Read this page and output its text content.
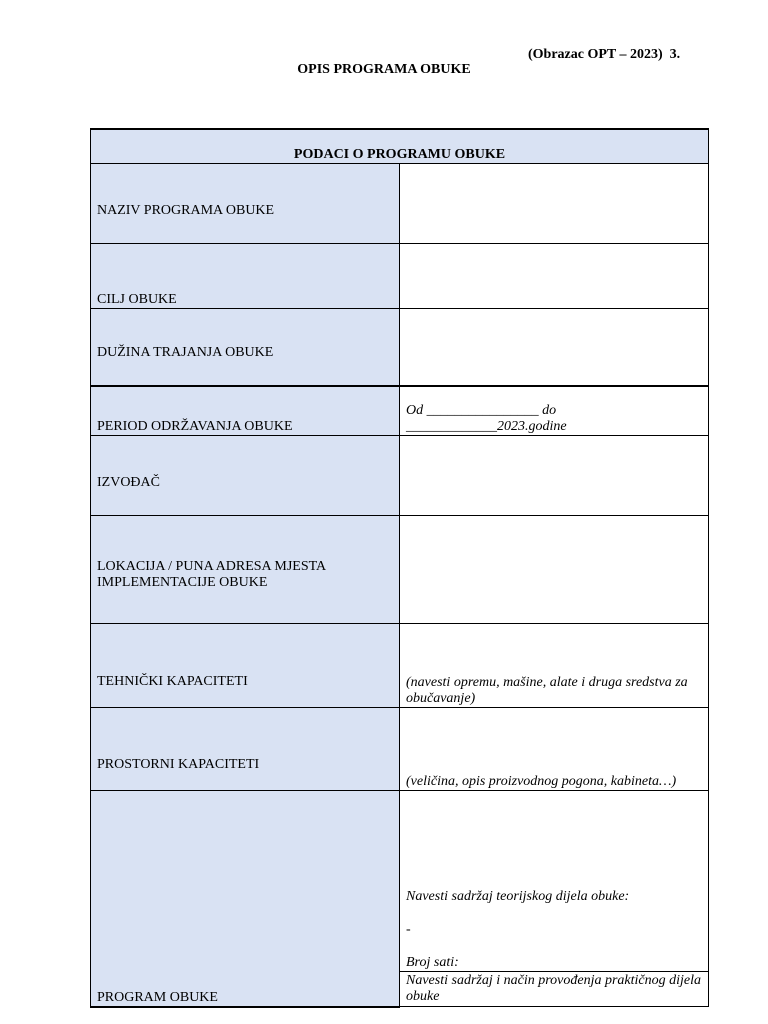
(Obrazac OPT – 2023)  3.
OPIS PROGRAMA OBUKE
PODACI O PROGRAMU OBUKE	
NAZIV PROGRAMA OBUKE	

CILJ OBUKE	

DUŽINA TRAJANJA OBUKE	

PERIOD ODRŽAVANJA OBUKE	Od ________________ do _____________2023.godine

IZVOĐAČ	

LOKACIJA / PUNA ADRESA MJESTA IMPLEMENTACIJE OBUKE	

TEHNIČKI KAPACITETI	(navesti opremu, mašine, alate i druga sredstva za obučavanje)

PROSTORNI KAPACITETI	(veličina, opis proizvodnog pogona, kabineta…)

PROGRAM OBUKE	Navesti sadržaj teorijskog dijela obuke:
-
Broj sati:

	Navesti sadržaj i način provođenja praktičnog dijela obuke
